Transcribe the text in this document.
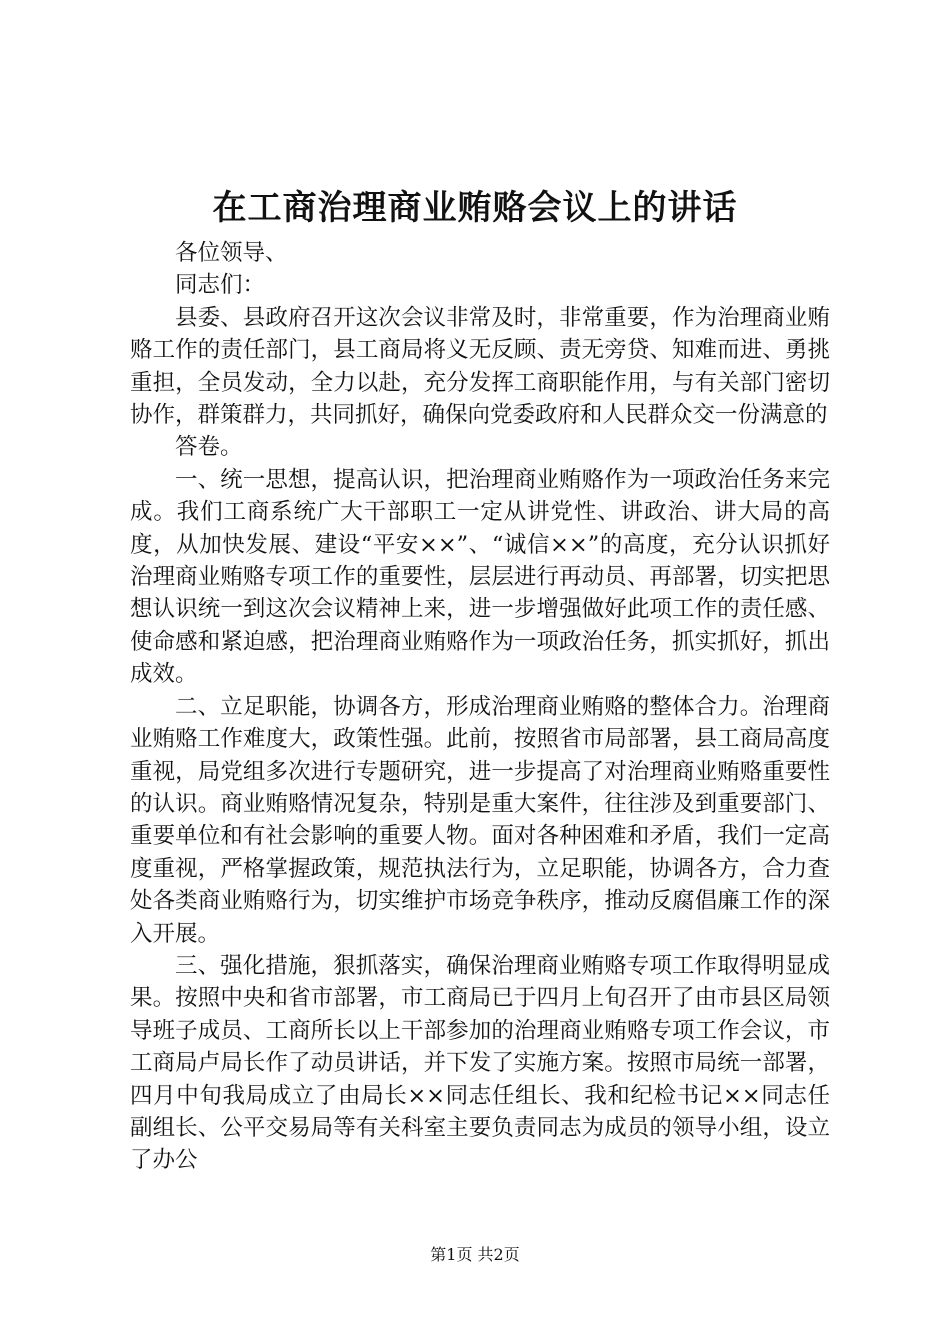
在工商治理商业贿赂会议上的讲话

各位领导、

同志们：

县委、县政府召开这次会议非常及时，非常重要，作为治理商业贿赂工作的责任部门，县工商局将义无反顾、责无旁贷、知难而进、勇挑重担，全员发动，全力以赴，充分发挥工商职能作用，与有关部门密切协作，群策群力，共同抓好，确保向党委政府和人民群众交一份满意的

答卷。

一、统一思想，提高认识，把治理商业贿赂作为一项政治任务来完成。我们工商系统广大干部职工一定从讲党性、讲政治、讲大局的高度，从加快发展、建设“平安××”、“诚信××”的高度，充分认识抓好治理商业贿赂专项工作的重要性，层层进行再动员、再部署，切实把思想认识统一到这次会议精神上来，进一步增强做好此项工作的责任感、使命感和紧迫感，把治理商业贿赂作为一项政治任务，抓实抓好，抓出成效。

二、立足职能，协调各方，形成治理商业贿赂的整体合力。治理商业贿赂工作难度大，政策性强。此前，按照省市局部署，县工商局高度重视，局党组多次进行专题研究，进一步提高了对治理商业贿赂重要性的认识。商业贿赂情况复杂，特别是重大案件，往往涉及到重要部门、重要单位和有社会影响的重要人物。面对各种困难和矛盾，我们一定高度重视，严格掌握政策，规范执法行为，立足职能，协调各方，合力查处各类商业贿赂行为，切实维护市场竞争秩序，推动反腐倡廉工作的深入开展。

三、强化措施，狠抓落实，确保治理商业贿赂专项工作取得明显成果。按照中央和省市部署，市工商局已于四月上旬召开了由市县区局领导班子成员、工商所长以上干部参加的治理商业贿赂专项工作会议，市工商局卢局长作了动员讲话，并下发了实施方案。按照市局统一部署，四月中旬我局成立了由局长××同志任组长、我和纪检书记××同志任副组长、公平交易局等有关科室主要负责同志为成员的领导小组，设立了办公

第1页 共2页
